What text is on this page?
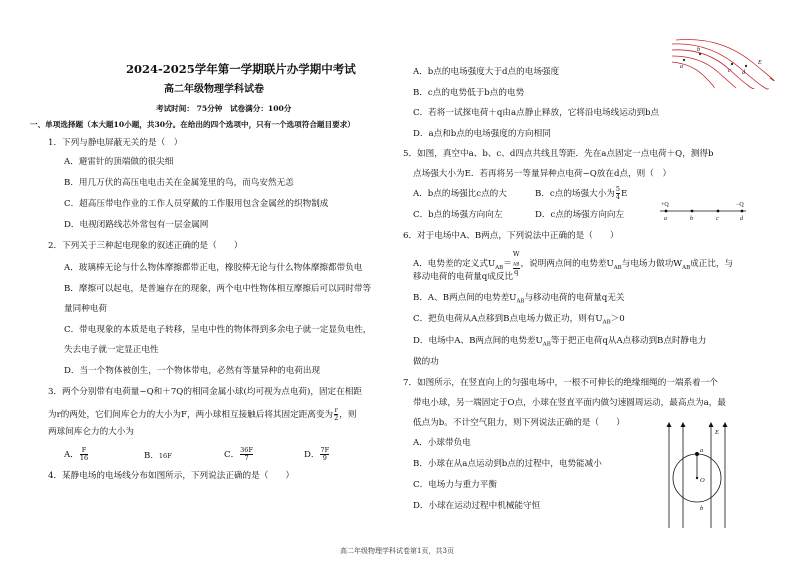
2024-2025学年第一学期联片办学期中考试
高二年级物理学科试卷
考试时间： 75分钟　试卷满分：100分
一、单项选择题（本大题10小题，共30分。在给出的四个选项中，只有一个选项符合题目要求）
1．下列与静电屏蔽无关的是（　）
A．避雷针的顶端做的很尖细
B．用几万伏的高压电电击关在金属笼里的鸟，而鸟安然无恙
C．超高压带电作业的工作人员穿戴的工作服用包含金属丝的织物制成
D．电视闭路线芯外常包有一层金属网
2．下列关于三种起电现象的叙述正确的是（　　）
A．玻璃棒无论与什么物体摩擦都带正电，橡胶棒无论与什么物体摩擦都带负电
B．摩擦可以起电，是普遍存在的现象，两个电中性物体相互摩擦后可以同时带等
量同种电荷
C．带电现象的本质是电子转移，呈电中性的物体得到多余电子就一定显负电性，
失去电子就一定显正电性
D．当一个物体被创生，一个物体带电，必然有等量异种的电荷出现
3．两个分别带有电荷量−Q和＋7Q的相同金属小球(均可视为点电荷)，固定在相距
为r的两处，它们间库仑力的大小为F，两小球相互接触后将其固定距离变为 $\frac{r}{2}$ ，则
两球间库仑力的大小为
A． $\frac{F}{16}$	B．16F	C． $\frac{36F}{7}$	D． $\frac{7F}{9}$
4．某静电场的电场线分布如图所示，下列说法正确的是（　　）
a
b
c d
E
A．b点的电场强度大于d点的电场强度
B．c点的电势低于b点的电势
C．若将一试探电荷＋q由a点静止释放，它将沿电场线运动到b点
D．a点和b点的电场强度的方向相同
5．如图，真空中a、b、c、d四点共线且等距．先在a点固定一点电荷＋Q，测得b
点场强大小为E．若再将另一等量异种点电荷−Q放在d点，则（　）
A．b点的场强比c点的大	B．c点的场强大小为 $\frac{5}{4}$ E
C．b点的场强方向向左	D．c点的场强方向向左
+Q	−Q
a	b	c	d
6．对于电场中A、B两点，下列说法中正确的是（　　）
A．电势差的定义式$U_{AB}= W$
$_{AB}$
q ，说明两点间的电势差$U_{AB}$与电场力做功$W_{AB}$成正比，与
移动电荷的电荷量q成反比
B．A、B两点间的电势差$U_{AB}$与移动电荷的电荷量q无关
C．把负电荷从A点移到B点电场力做正功，则有$U_{AB}>0$
D．电场中A、B两点间的电势差$U_{AB}$等于把正电荷q从A点移动到B点时静电力
做的功
7．如图所示，在竖直向上的匀强电场中，一根不可伸长的绝缘细绳的一端系着一个
带电小球，另一端固定于O点，小球在竖直平面内做匀速圆周运动，最高点为a，最
低点为b。不计空气阻力，则下列说法正确的是（　　）
A．小球带负电
B．小球在从a点运动到b点的过程中，电势能减小
C．电场力与重力平衡
D．小球在运动过程中机械能守恒
a
O
b
E
高二年级物理学科试卷第1页，共3页
